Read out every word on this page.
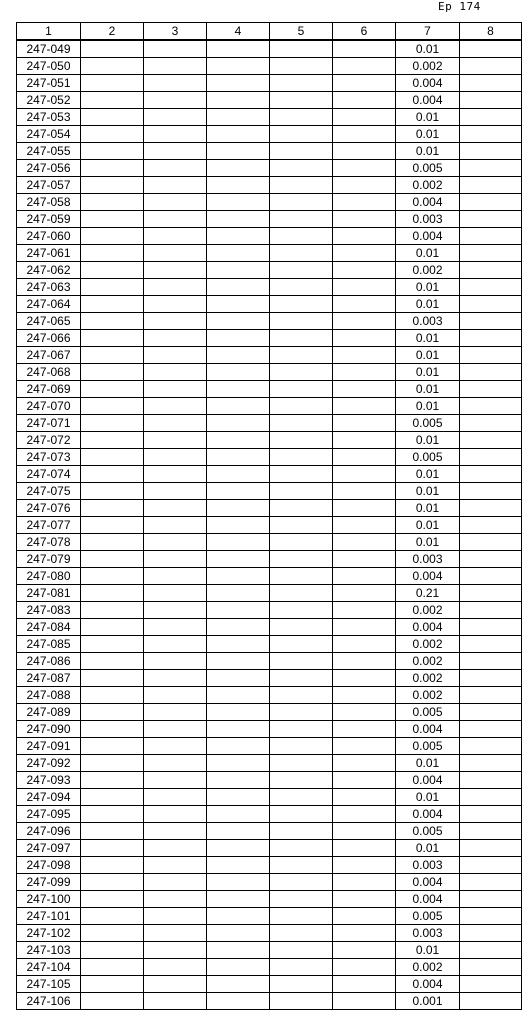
Ep 174
1	2	3	4	5	6	7	8
247-049						0.01	
247-050						0.002	
247-051						0.004	
247-052						0.004	
247-053						0.01	
247-054						0.01	
247-055						0.01	
247-056						0.005	
247-057						0.002	
247-058						0.004	
247-059						0.003	
247-060						0.004	
247-061						0.01	
247-062						0.002	
247-063						0.01	
247-064						0.01	
247-065						0.003	
247-066						0.01	
247-067						0.01	
247-068						0.01	
247-069						0.01	
247-070						0.01	
247-071						0.005	
247-072						0.01	
247-073						0.005	
247-074						0.01	
247-075						0.01	
247-076						0.01	
247-077						0.01	
247-078						0.01	
247-079						0.003	
247-080						0.004	
247-081						0.21	
247-083						0.002	
247-084						0.004	
247-085						0.002	
247-086						0.002	
247-087						0.002	
247-088						0.002	
247-089						0.005	
247-090						0.004	
247-091						0.005	
247-092						0.01	
247-093						0.004	
247-094						0.01	
247-095						0.004	
247-096						0.005	
247-097						0.01	
247-098						0.003	
247-099						0.004	
247-100						0.004	
247-101						0.005	
247-102						0.003	
247-103						0.01	
247-104						0.002	
247-105						0.004	
247-106						0.001	
